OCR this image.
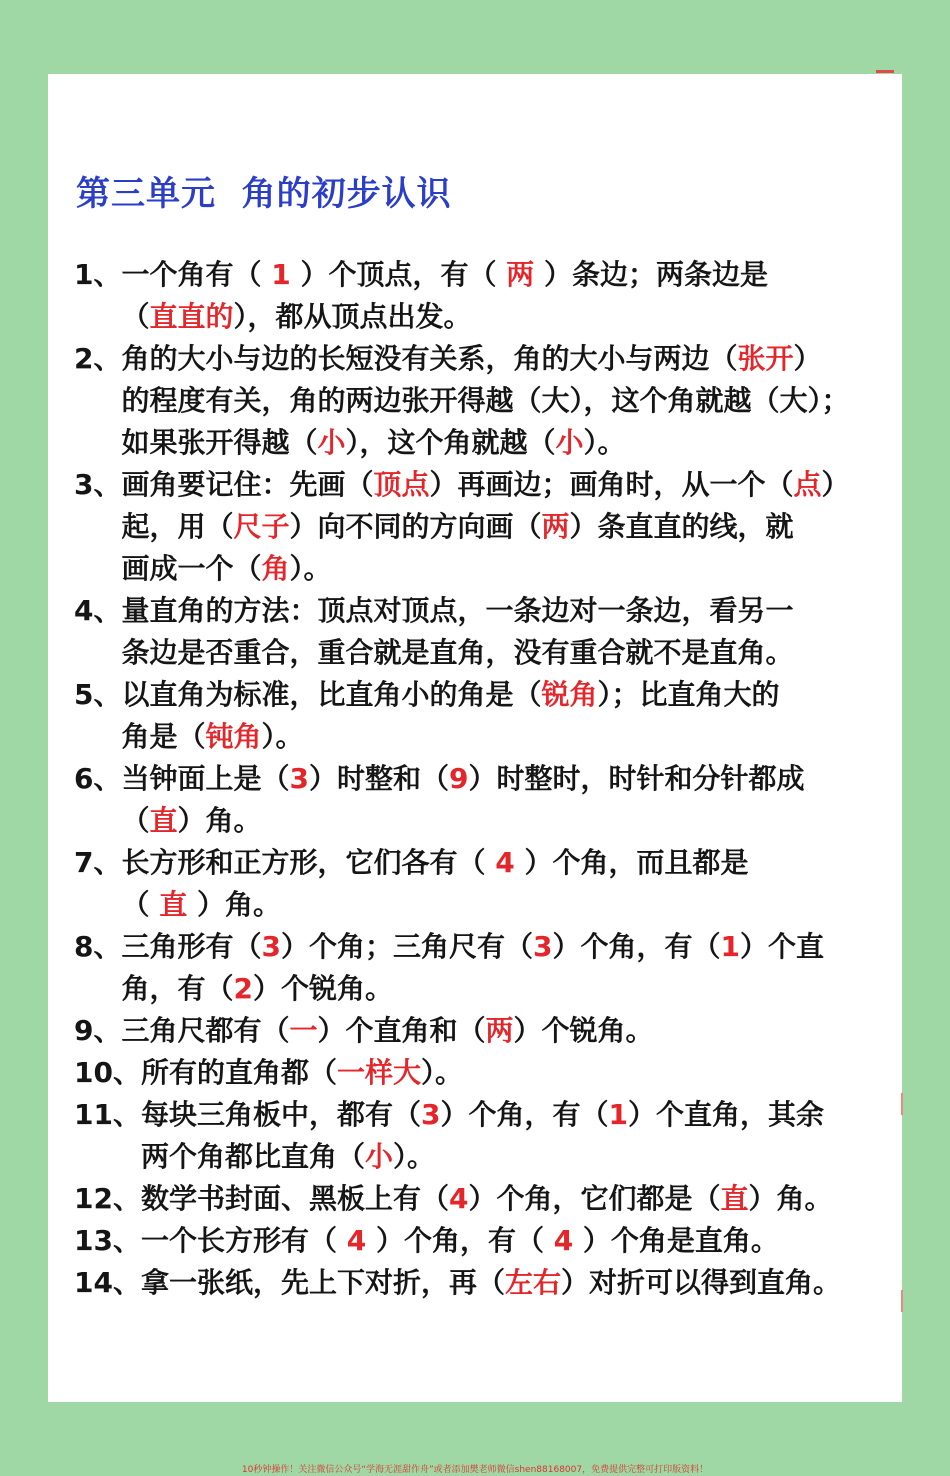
第三单元  角的初步认识
1、 一个角有（ 1 ）个顶点，有（ 两 ）条边；两条边是
（直直的），都从顶点出发。
2、 角的大小与边的长短没有关系，角的大小与两边（张开）
的程度有关，角的两边张开得越（大），这个角就越（大）；
如果张开得越（小），这个角就越（小）。
3、 画角要记住：先画（顶点）再画边；画角时，从一个（点）
起，用（尺子）向不同的方向画（两）条直直的线，就
画成一个（角）。
4、 量直角的方法：顶点对顶点，一条边对一条边，看另一
条边是否重合，重合就是直角，没有重合就不是直角。
5、 以直角为标准，比直角小的角是（锐角）；比直角大的
角是（钝角）。
6、 当钟面上是（3）时整和（9）时整时，时针和分针都成
（直）角。
7、 长方形和正方形，它们各有（ 4 ）个角，而且都是
（ 直 ）角。
8、 三角形有（3）个角；三角尺有（3）个角，有（1）个直
角，有（2）个锐角。
9、 三角尺都有（一）个直角和（两）个锐角。
10、 所有的直角都（一样大）。
11、 每块三角板中，都有（3）个角，有（1）个直角，其余
两个角都比直角（小）。
12、 数学书封面、黑板上有（4）个角，它们都是（直）角。
13、 一个长方形有（ 4 ）个角，有（ 4 ）个角是直角。
14、 拿一张纸，先上下对折，再（左右）对折可以得到直角。
10秒钟操作！关注微信公众号“学海无涯甜作舟”或者添加樊老师微信shen88168007，免费提供完整可打印版资料！
